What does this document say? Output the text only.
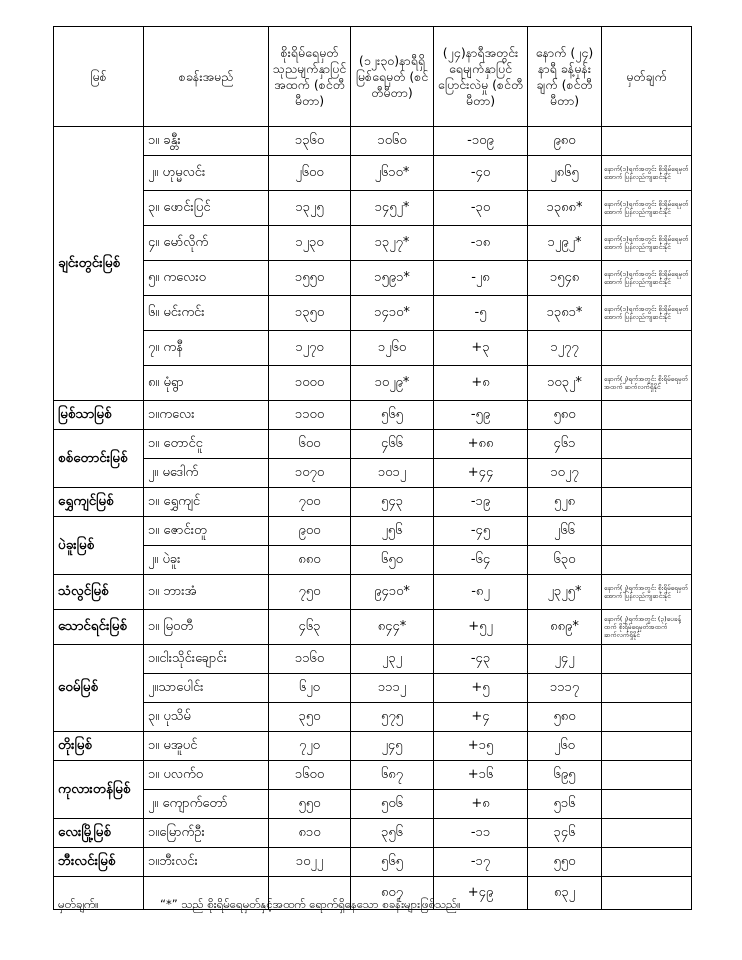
မြစ်	စခန်းအမည်	စိုးရိမ်ရေမှတ် သုညမျက်နှာပြင် အထက် (စင်တီမီတာ)	(၁၂း၃၀)နာရီရှိ မြစ်ရေမှတ် (စင်တီမီတာ)	(၂၄)နာရီအတွင်း ရေမျက်နှာပြင် ပြောင်းလဲမှု (စင်တီမီတာ)	နောက် (၂၄) နာရီ ခန့်မှန်းချက် (စင်တီမီတာ)	မှတ်ချက်
ချင်းတွင်းမြစ်	၁။ ခန္တီး	၁၃၆၀	၁၀၆၀	-၁၀၉	၉၈၀	
	၂။ ဟုမ္မလင်း	၂၆၀၀	၂၆၁၀*	-၄၀	၂၈၆၅	နောက်(၁)ရက်အတွင်း စိုးရိမ်ရေမှတ်အောက် ပြန်လည်ကျဆင်းနိုင်
	၃။ ဖောင်းပြင်	၁၃၂၅	၁၄၅၂*	-၃၀	၁၃၈၈*	နောက်(၁)ရက်အတွင်း စိုးရိမ်ရေမှတ်အောက် ပြန်လည်ကျဆင်းနိုင်
	၄။ မော်လိုက်	၁၂၃၀	၁၃၂၇*	-၁၈	၁၂၉၂*	နောက်(၁)ရက်အတွင်း စိုးရိမ်ရေမှတ်အောက် ပြန်လည်ကျဆင်းနိုင်
	၅။ ကလေးဝ	၁၅၅၀	၁၅၉၁*	-၂၈	၁၅၄၈	နောက်(၁)ရက်အတွင်း စိုးရိမ်ရေမှတ်အောက် ပြန်လည်ကျဆင်းနိုင်
	၆။ မင်းကင်း	၁၃၅၀	၁၄၁၀*	-၅	၁၃၈၁*	နောက်(၁)ရက်အတွင်း စိုးရိမ်ရေမှတ်အောက် ပြန်လည်ကျဆင်းနိုင်
	၇။ ကနီ	၁၂၇၀	၁၂၆၀	+၃	၁၂၇၇	
	၈။ မုံရွာ	၁၀၀၀	၁၀၂၉*	+၈	၁၀၃၂*	နောက်(၂)ရက်အတွင်း စိုးရိမ်ရေမှတ်အထက် ဆက်လက်ရှိနိုင်
မြစ်သာမြစ်	၁။ကလေး	၁၁၀၀	၅၆၅	-၅၉	၅၈၀	
စစ်တောင်းမြစ်	၁။ တောင်ငူ	၆၀၀	၄၆၆	+၈၈	၄၆၁	
	၂။ မဒေါက်	၁၀၇၀	၁၀၁၂	+၄၄	၁၀၂၇	
ရွှေကျင်မြစ်	၁။ ရွှေကျင်	၇၀၀	၅၄၃	-၁၉	၅၂၈	
ပဲခူးမြစ်	၁။ ဇောင်းတူ	၉၀၀	၂၅၆	-၄၅	၂၆၆	
	၂။ ပဲခူး	၈၈၀	၆၅၀	-၆၄	၆၃၀	
သံလွင်မြစ်	၁။ ဘားအံ	၇၅၀	၉၄၁၀*	-၈၂	၂၃၂၅*	နောက်(၂)ရက်အတွင်း စိုးရိမ်ရေမှတ် အောက် ပြန်လည်ကျဆင်းနိုင်
သောင်ရင်းမြစ်	၁။ မြဝတီ	၄၆၃	၈၄၄*	+၅၂	၈၈၉*	နောက်(၂)ရက်အတွင်း (၃)ပေခန့်ထက် စိုးရိမ်ရေမှတ်အထက် ဆက်လက်ရှိနိုင်
ဝေမ်မြစ်	၁။ငါးသိုင်းချောင်း	၁၁၆၀	၂၃၂	-၄၃	၂၄၂	
	၂။သာပေါင်း	၆၂၀	၁၁၁၂	+၅	၁၁၁၇	
	၃။ ပုသိမ်	၃၅၀	၅၇၅	+၄	၅၈၀	
တိုးမြစ်	၁။ မအူပင်	၇၂၀	၂၄၅	+၁၅	၂၆၀	
ကုလားတန်မြစ်	၁။ ပလက်ဝ	၁၆၀၀	၆၈၇	+၁၆	၆၉၅	
	၂။ ကျောက်တော်	၅၅၀	၅၀၆	+၈	၅၁၆	
လေးမြို့မြစ်	၁။မြောက်ဦး	၈၁၀	၃၅၆	-၁၁	၃၄၆	
ဘီးလင်းမြစ်	၁။ဘီးလင်း	၁၀၂၂	၅၆၅	-၁၇	၅၅၀	
			၈၀၇	+၄၉	၈၃၂	
မှတ်ချက်။	“*” သည် စိုးရိမ်ရေမှတ်နှင့်အထက် ရောက်ရှိနေသော စခန်းများဖြစ်သည်။
